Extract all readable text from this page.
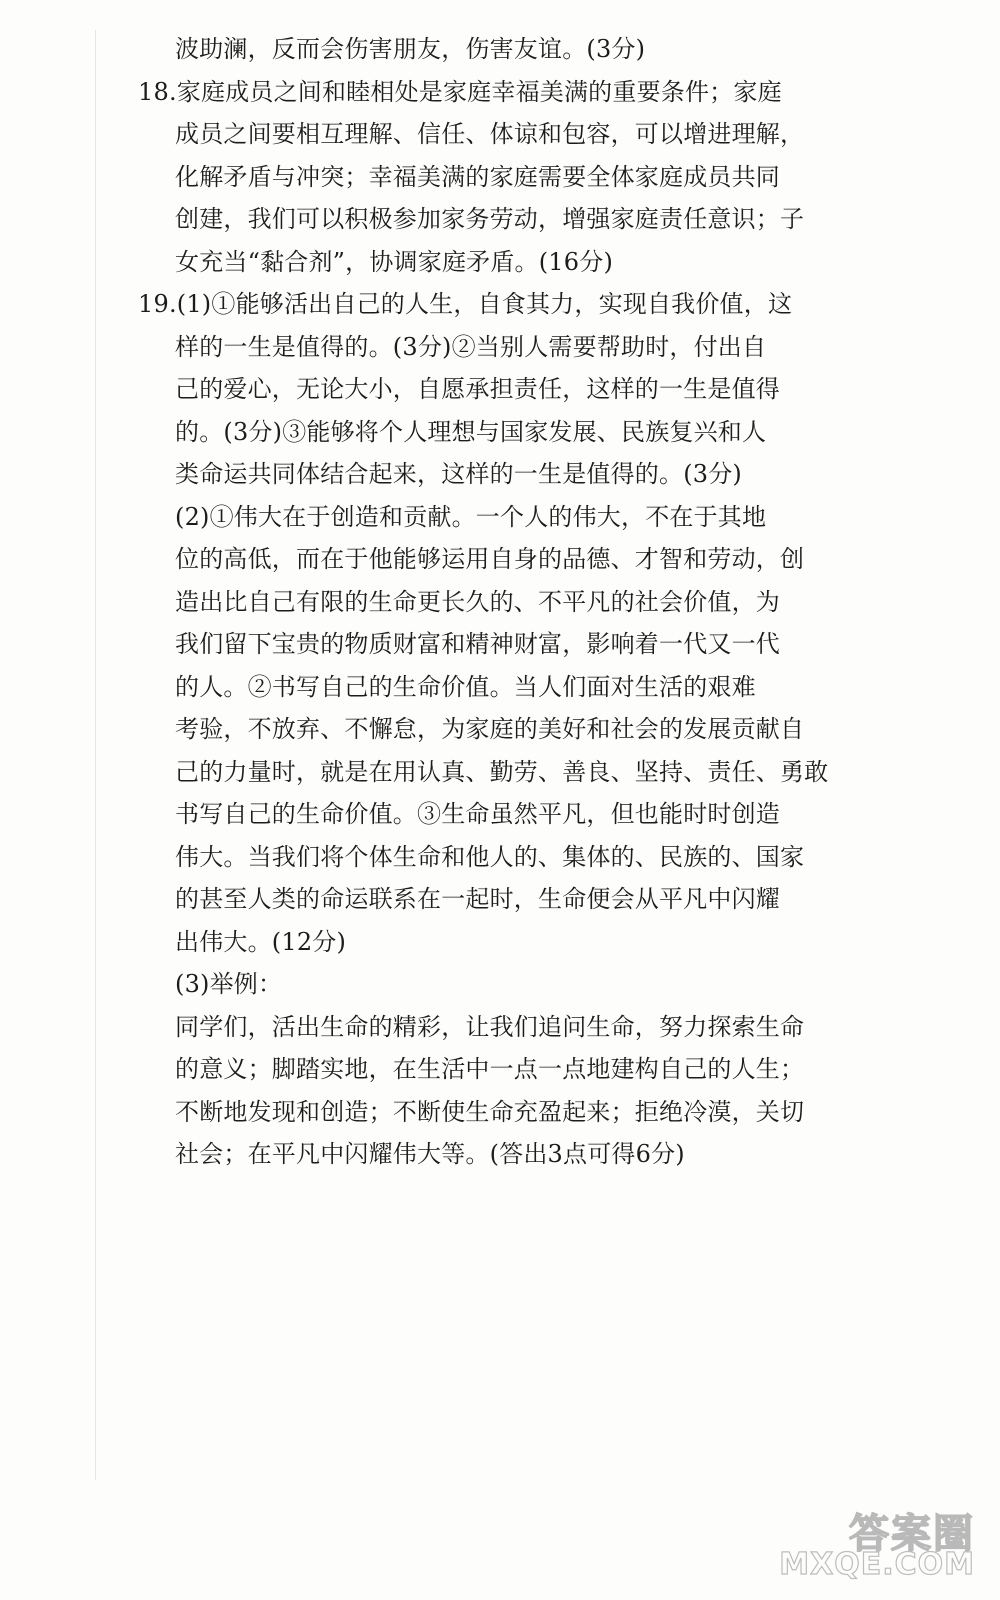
波助澜，反而会伤害朋友，伤害友谊。(3分)
18.家庭成员之间和睦相处是家庭幸福美满的重要条件；家庭
成员之间要相互理解、信任、体谅和包容，可以增进理解，
化解矛盾与冲突；幸福美满的家庭需要全体家庭成员共同
创建，我们可以积极参加家务劳动，增强家庭责任意识；子
女充当“黏合剂”，协调家庭矛盾。(16分)
19.(1)①能够活出自己的人生，自食其力，实现自我价值，这
样的一生是值得的。(3分)②当别人需要帮助时，付出自
己的爱心，无论大小，自愿承担责任，这样的一生是值得
的。(3分)③能够将个人理想与国家发展、民族复兴和人
类命运共同体结合起来，这样的一生是值得的。(3分)
(2)①伟大在于创造和贡献。一个人的伟大，不在于其地
位的高低，而在于他能够运用自身的品德、才智和劳动，创
造出比自己有限的生命更长久的、不平凡的社会价值，为
我们留下宝贵的物质财富和精神财富，影响着一代又一代
的人。②书写自己的生命价值。当人们面对生活的艰难
考验，不放弃、不懈怠，为家庭的美好和社会的发展贡献自
己的力量时，就是在用认真、勤劳、善良、坚持、责任、勇敢
书写自己的生命价值。③生命虽然平凡，但也能时时创造
伟大。当我们将个体生命和他人的、集体的、民族的、国家
的甚至人类的命运联系在一起时，生命便会从平凡中闪耀
出伟大。(12分)
(3)举例：
同学们，活出生命的精彩，让我们追问生命，努力探索生命
的意义；脚踏实地，在生活中一点一点地建构自己的人生；
不断地发现和创造；不断使生命充盈起来；拒绝冷漠，关切
社会；在平凡中闪耀伟大等。(答出3点可得6分)
答案圈
MXQE.COM
